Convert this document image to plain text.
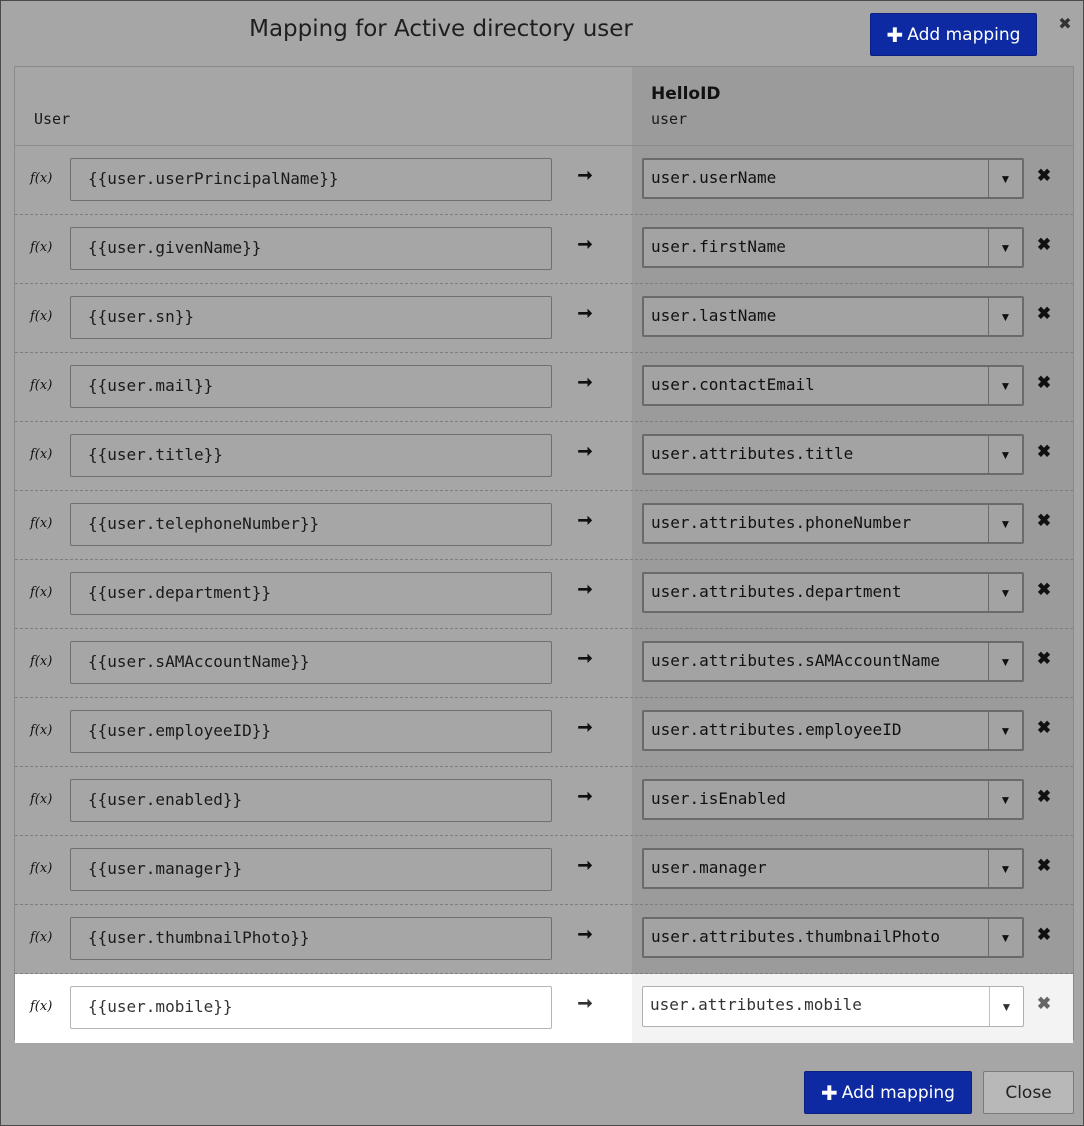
Mapping for Active directory user	✚ Add mapping ✖
User
HelloID
user
f(x)	{{user.userPrincipalName}}	➞	user.userName	▼	✖
f(x)	{{user.givenName}}	➞	user.firstName	▼	✖
f(x)	{{user.sn}}	➞	user.lastName	▼	✖
f(x)	{{user.mail}}	➞	user.contactEmail	▼	✖
f(x)	{{user.title}}	➞	user.attributes.title	▼	✖
f(x)	{{user.telephoneNumber}}	➞	user.attributes.phoneNumber	▼	✖
f(x)	{{user.department}}	➞	user.attributes.department	▼	✖
f(x)	{{user.sAMAccountName}}	➞	user.attributes.sAMAccountName	▼	✖
f(x)	{{user.employeeID}}	➞	user.attributes.employeeID	▼	✖
f(x)	{{user.enabled}}	➞	user.isEnabled	▼	✖
f(x)	{{user.manager}}	➞	user.manager	▼	✖
f(x)	{{user.thumbnailPhoto}}	➞	user.attributes.thumbnailPhoto	▼	✖
f(x)	{{user.mobile}}	➞	user.attributes.mobile	▼	✖
✚ Add mapping	Close
